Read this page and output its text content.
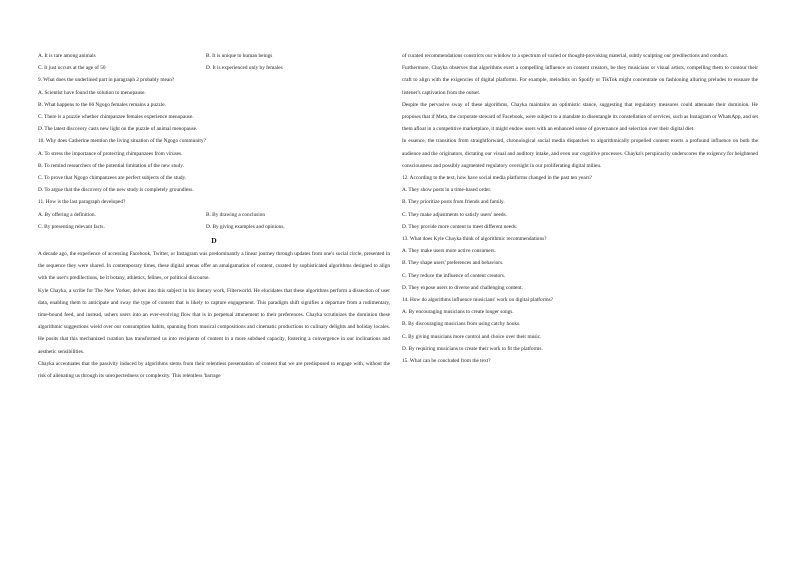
A. It is rare among animals	B. It is unique to human beings
C. It just occurs at the age of 50	D. It is experienced only by females
9. What does the underlined part in paragraph 2 probably mean?
A. Scientist have found the solution to menopause.
B. What happens to the 66 Ngogo females remains a puzzle.
C. There is a puzzle whether chimpanzee females experience menopause.
D. The latest discovery casts new light on the puzzle of animal menopause.
10. Why does Catherine mention the living situation of the Ngogo community?
A. To stress the importance of protecting chimpanzees from viruses.
B. To remind researchers of the potential limitation of the new study.
C. To prove that Ngogo chimpanzees are perfect subjects of the study.
D. To argue that the discovery of the new study is completely groundless.
11. How is the last paragraph developed?
A. By offering a definition.	B. By drawing a conclusion
C. By presenting relevant facts.	D. By giving examples and opinions.
D
A decade ago, the experience of accessing Facebook, Twitter, or Instagram was predominantly a linear journey through updates from one's social circle, presented in the sequence they were shared. In contemporary times, these digital arenas offer an amalgamation of content, curated by sophisticated algorithms designed to align with the user's predilections, be it botany, athletics, felines, or political discourse.
Kyle Chayka, a scribe for The New Yorker, delves into this subject in his literary work, Filterworld. He elucidates that these algorithms perform a dissection of user data, enabling them to anticipate and sway the type of content that is likely to capture engagement. This paradigm shift signifies a departure from a rudimentary, time-bound feed, and instead, ushers users into an ever-evolving flow that is in perpetual attunement to their preferences. Chayka scrutinizes the dominion these algorithmic suggestions wield over our consumption habits, spanning from musical compositions and cinematic productions to culinary delights and holiday locales. He posits that this mechanized curation has transformed us into recipients of content in a more subdued capacity, fostering a convergence in our inclinations and aesthetic sensibilities.
Chayka accentuates that the passivity induced by algorithms stems from their relentless presentation of content that we are predisposed to engage with, without the risk of alienating us through its unexpectedness or complexity. This relentless 'barrage
of curated recommendations constricts our window to a spectrum of varied or thought-provoking material, subtly sculpting our predilections and conduct.
Furthermore, Chayka observes that algorithms exert a compelling influence on content creators, be they musicians or visual artists, compelling them to contour their craft to align with the exigencies of digital platforms. For example, melodists on Spotify or TikTok might concentrate on fashioning alluring preludes to ensnare the listener's captivation from the outset.
Despite the pervasive sway of these algorithms, Chayka maintains an optimistic stance, suggesting that regulatory measures could attenuate their dominion. He proposes that if Meta, the corporate steward of Facebook, were subject to a mandate to disentangle its constellation of services, such as Instagram or WhatsApp, and set them afloat in a competitive marketplace, it might endow users with an enhanced sense of governance and selection over their digital diet.
In essence, the transition from straightforward, chronological social media dispatches to algorithmically propelled content exerts a profound influence on both the audience and the originators, dictating our visual and auditory intake, and even our cognitive processes. Chayka's perspicacity underscores the exigency for heightened consciousness and possibly augmented regulatory oversight in our proliferating digital milieu.
12. According to the text, how have social media platforms changed in the past ten years?
A. They show posts in a time-based order.
B. They prioritize posts from friends and family.
C. They make adjustments to satisfy users' needs.
D. They provide more content to meet different needs.
13. What does Kyle Chayka think of algorithmic recommendations?
A. They make users more active consumers.
B. They shape users' preferences and behaviors.
C. They reduce the influence of content creators.
D. They expose users to diverse and challenging content.
14. How do algorithms influence musicians' work on digital platforms?
A. By encouraging musicians to create longer songs.
B. By discouraging musicians from using catchy hooks.
C. By giving musicians more control and choice over their music.
D. By requiring musicians to create their work to fit the platforms.
15. What can be concluded from the text?
